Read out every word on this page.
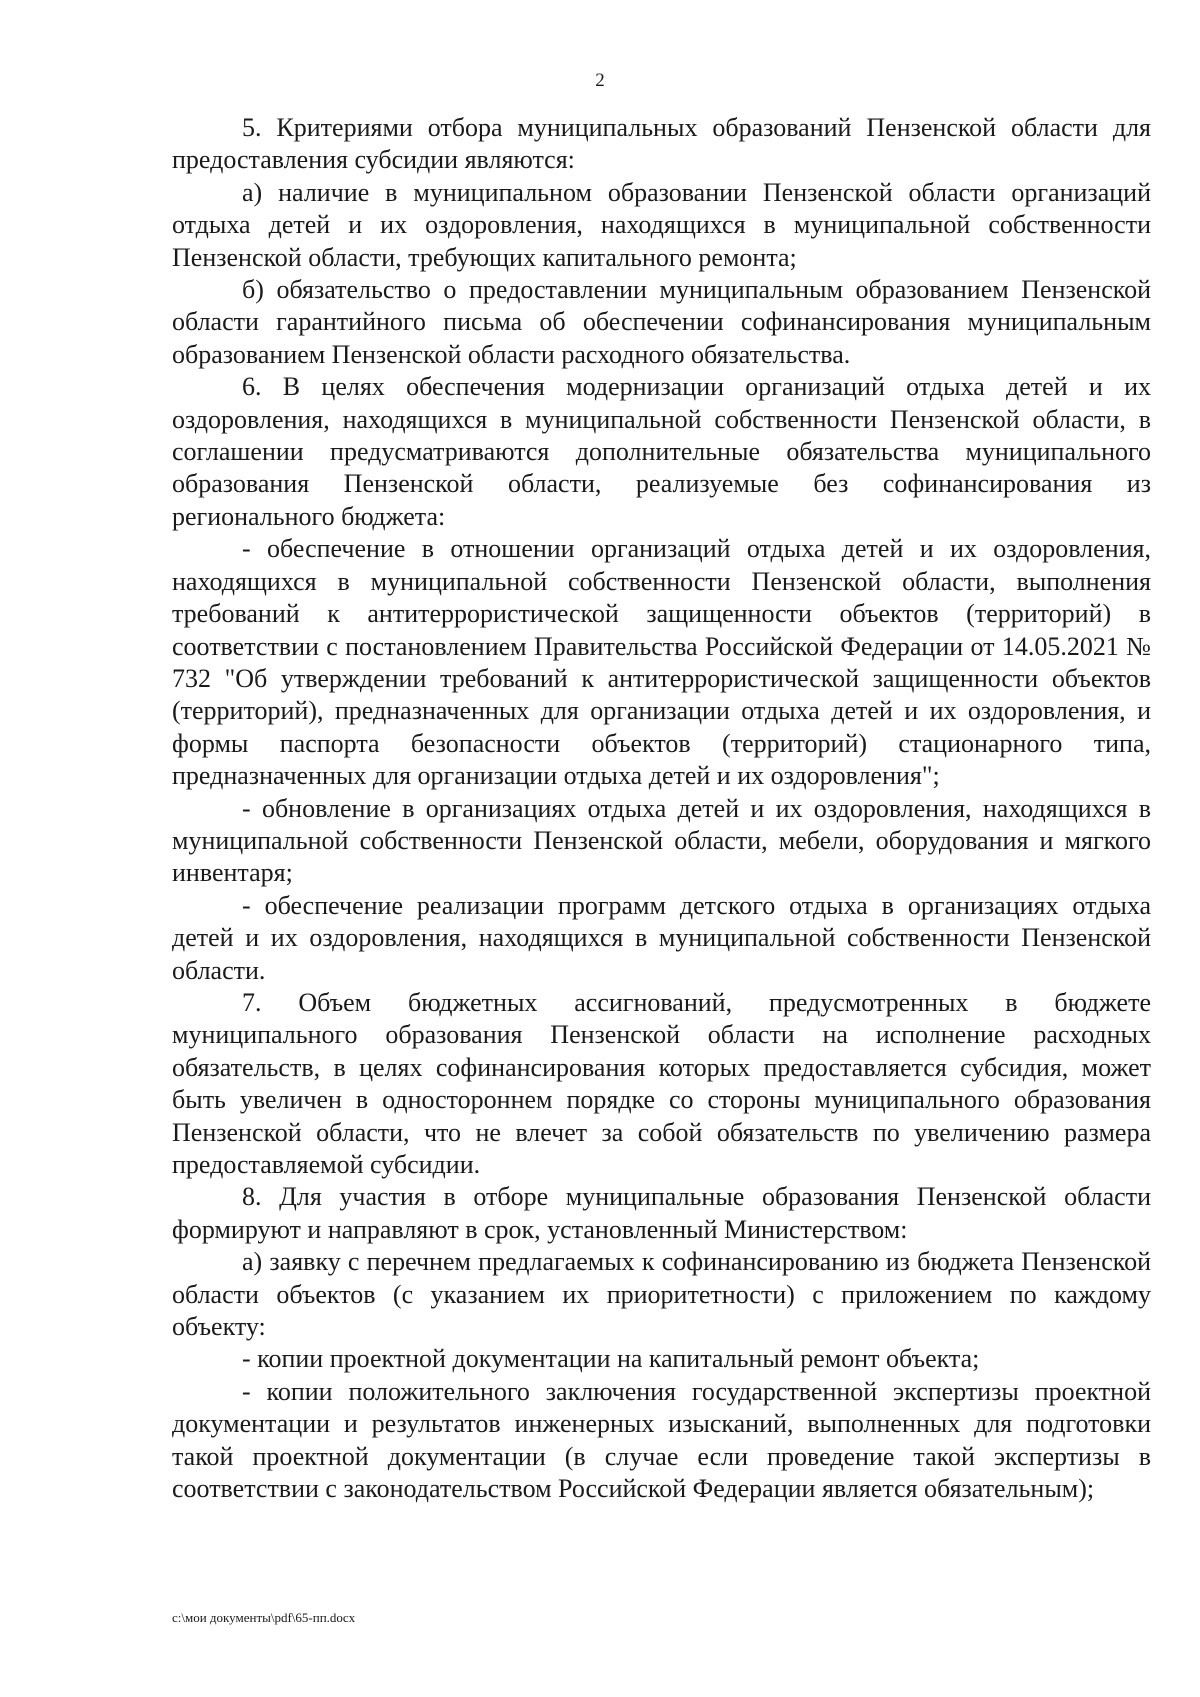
2

5. Критериями отбора муниципальных образований Пензенской области для предоставления субсидии являются:

а) наличие в муниципальном образовании Пензенской области организаций отдыха детей и их оздоровления, находящихся в муниципальной собственности Пензенской области, требующих капитального ремонта;

б) обязательство о предоставлении муниципальным образованием Пензенской области гарантийного письма об обеспечении софинансирования муниципальным образованием Пензенской области расходного обязательства.

6. В целях обеспечения модернизации организаций отдыха детей и их оздоровления, находящихся в муниципальной собственности Пензенской области, в соглашении предусматриваются дополнительные обязательства муниципального образования Пензенской области, реализуемые без софинансирования из регионального бюджета:

- обеспечение в отношении организаций отдыха детей и их оздоровления, находящихся в муниципальной собственности Пензенской области, выполнения требований к антитеррористической защищенности объектов (территорий) в соответствии с постановлением Правительства Российской Федерации от 14.05.2021 № 732 "Об утверждении требований к антитеррористической защищенности объектов (территорий), предназначенных для организации отдыха детей и их оздоровления, и формы паспорта безопасности объектов (территорий) стационарного типа, предназначенных для организации отдыха детей и их оздоровления";

- обновление в организациях отдыха детей и их оздоровления, находящихся в муниципальной собственности Пензенской области, мебели, оборудования и мягкого инвентаря;

- обеспечение реализации программ детского отдыха в организациях отдыха детей и их оздоровления, находящихся в муниципальной собственности Пензенской области.

7. Объем бюджетных ассигнований, предусмотренных в бюджете муниципального образования Пензенской области на исполнение расходных обязательств, в целях софинансирования которых предоставляется субсидия, может быть увеличен в одностороннем порядке со стороны муниципального образования Пензенской области, что не влечет за собой обязательств по увеличению размера предоставляемой субсидии.

8. Для участия в отборе муниципальные образования Пензенской области формируют и направляют в срок, установленный Министерством:

а) заявку с перечнем предлагаемых к софинансированию из бюджета Пензенской области объектов (с указанием их приоритетности) с приложением по каждому объекту:

- копии проектной документации на капитальный ремонт объекта;

- копии положительного заключения государственной экспертизы проектной документации и результатов инженерных изысканий, выполненных для подготовки такой проектной документации (в случае если проведение такой экспертизы в соответствии с законодательством Российской Федерации является обязательным);

c:\мои документы\pdf\65-пп.docx
